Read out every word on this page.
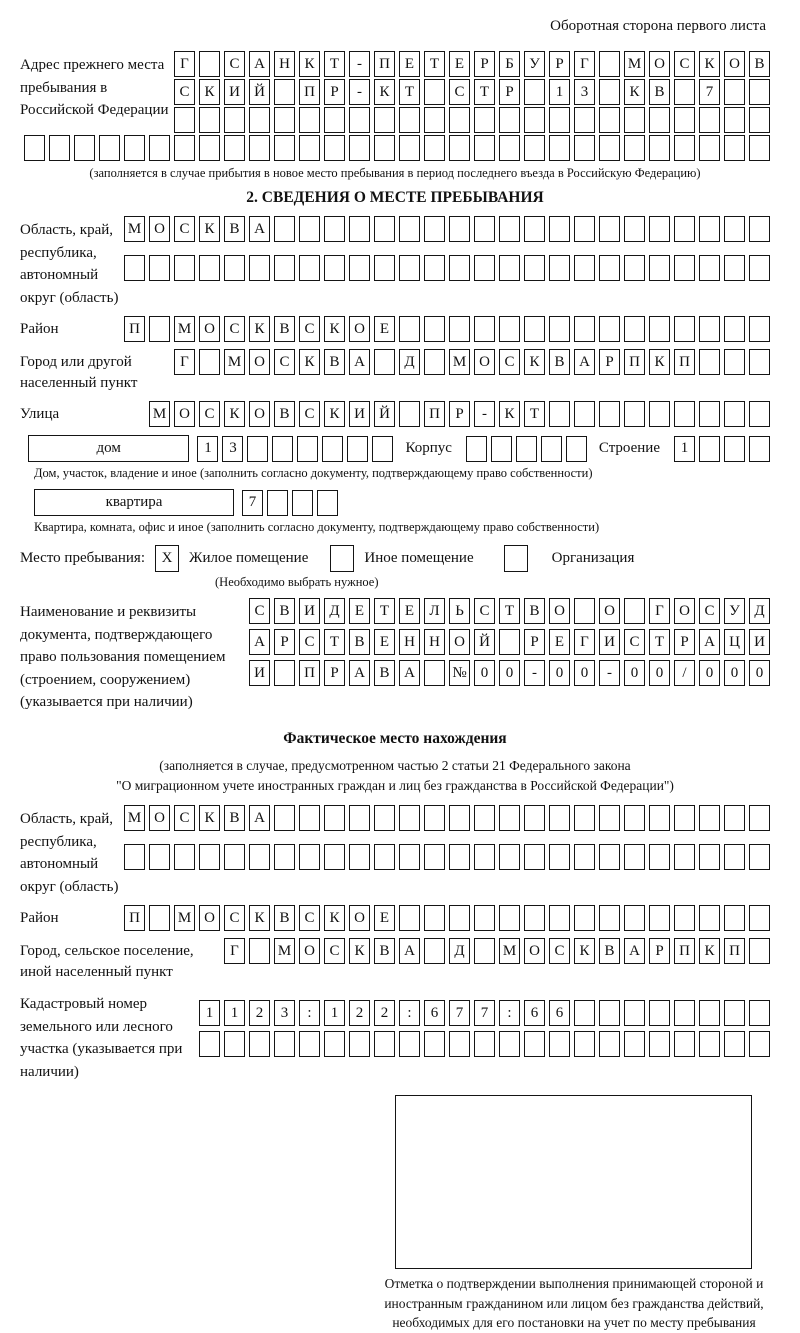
Оборотная сторона первого листа
Адрес прежнего места пребывания в Российской Федерации
Г	С А Н К	Т	-	П Е	Т	Е	Р	Б	У	Р	Г	М О С К О В
С К И Й	П	Р	-	К	Т	С	Т	Р	1	3	К В	7
(заполняется в случае прибытия в новое место пребывания в период последнего въезда в Российскую Федерацию)
2. СВЕДЕНИЯ О МЕСТЕ ПРЕБЫВАНИЯ
Область, край, республика, автономный округ (область)
М О С К В А
Район	П	М О С К В С К О Е
Город или другой населенный пункт
Г	М О С К В А	Д	М О С К В А	Р	П К П
Улица	М О С К О В С К И Й	П	Р	-	К	Т
дом	1	3	Корпус	Строение	1
Дом, участок, владение и иное (заполнить согласно документу, подтверждающему право собственности)
квартира	7
Квартира, комната, офис и иное (заполнить согласно документу, подтверждающему право собственности)
Место пребывания:	X	Жилое помещение	Иное помещение	Организация
(Необходимо выбрать нужное)
Наименование и реквизиты документа, подтверждающего право пользования помещением (строением, сооружением) (указывается при наличии)
С В И Д	Е	Т	Е	Л	Ь	С	Т	В О	О	Г	О С У Д
А	Р	С	Т	В	Е	Н Н О Й	Р	Е	Г	И С	Т	Р	А Ц И
И	П	Р	А В А	№ 0	0	-	0	0	-	0	0	/	0	0	0
Фактическое место нахождения
(заполняется в случае, предусмотренном частью 2 статьи 21 Федерального закона
"О миграционном учете иностранных граждан и лиц без гражданства в Российской Федерации")
Область, край, республика, автономный округ (область)
М О С К В А
Район	П	М О С К В С К О Е
Город, сельское поселение, иной населенный пункт
Г	М О С К В А	Д	М О С К В А	Р	П К П
Кадастровый номер земельного или лесного участка (указывается при наличии)
1	1	2	3	:	1	2	2	:	6	7	7	:	6	6
Отметка о подтверждении выполнения принимающей стороной и иностранным гражданином или лицом без гражданства действий, необходимых для его постановки на учет по месту пребывания
